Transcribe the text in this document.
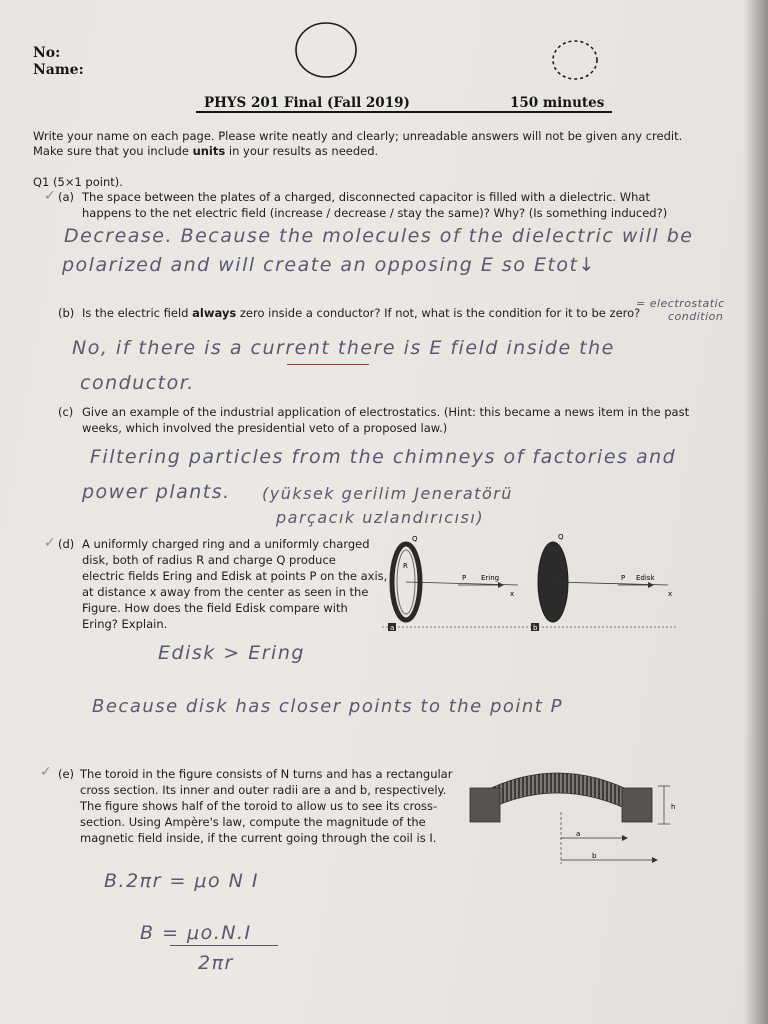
No:
Name:
PHYS 201 Final (Fall 2019)	150 minutes
Write your name on each page. Please write neatly and clearly; unreadable answers will not be given any credit.
Make sure that you include units in your results as needed.
Q1 (5×1 point).
✓ (a) The space between the plates of a charged, disconnected capacitor is filled with a dielectric. What
happens to the net electric field (increase / decrease / stay the same)? Why? (Is something induced?)
Decrease. Because the molecules of the dielectric will be
polarized and will create an opposing E so Etot↓
(b) Is the electric field always zero inside a conductor? If not, what is the condition for it to be zero?
= electrostatic
condition
No, if there is a current there is E field inside the
conductor.
(c) Give an example of the industrial application of electrostatics. (Hint: this became a news item in the past
weeks, which involved the presidential veto of a proposed law.)
Filtering particles from the chimneys of factories and
power plants. (yüksek gerilim Jeneratörü
parçacık uzlandırıcısı)
✓ (d) A uniformly charged ring and a uniformly charged
disk, both of radius R and charge Q produce
electric fields Ering and Edisk at points P on the axis,
at distance x away from the center as seen in the
Figure. How does the field Edisk compare with
Ering? Explain.
Q
R
P Ering
x
Q
P Edisk
x
a	b
Edisk > Ering
Because disk has closer points to the point P
✓ (e) The toroid in the figure consists of N turns and has a rectangular
cross section. Its inner and outer radii are a and b, respectively.
The figure shows half of the toroid to allow us to see its cross-
section. Using Ampère's law, compute the magnitude of the
magnetic field inside, if the current going through the coil is I.
h
a
b
B.2πr = μo N I
B = μo.N.I
2πr
